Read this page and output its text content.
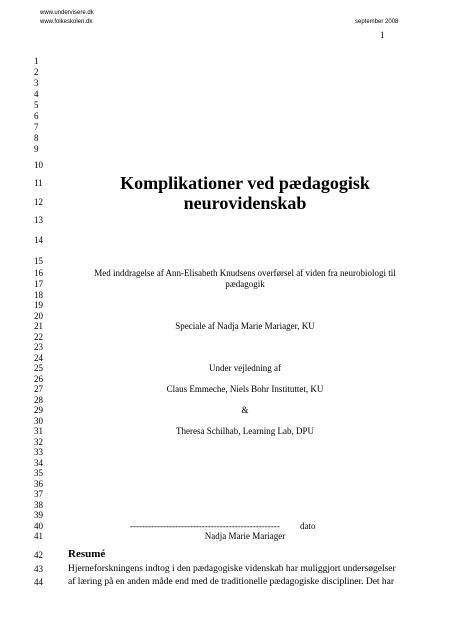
www.undervisere.dk
www.folkeskolen.dk	september 2008
1
1
2
3
4
5
6
7
8
9
10
11
12
13
14
15
16
17
18
19
20
21
22
23
24
25
26
27
28
29
30
31
32
33
34
35
36
37
38
39
40
41
42
43
44
Komplikationer ved pædagogisk
neurovidenskab
Med inddragelse af Ann-Elisabeth Knudsens overførsel af viden fra neurobiologi til
pædagogik
Speciale af Nadja Marie Mariager, KU
Under vejledning af
Claus Emmeche, Niels Bohr Instituttet, KU
&
Theresa Schilhab, Learning Lab, DPU
-------------------------------------------------- dato
Nadja Marie Mariager
Resumé
Hjerneforskningens indtog i den pædagogiske videnskab har muliggjort undersøgelser
af læring på en anden måde end med de traditionelle pædagogiske discipliner. Det har
